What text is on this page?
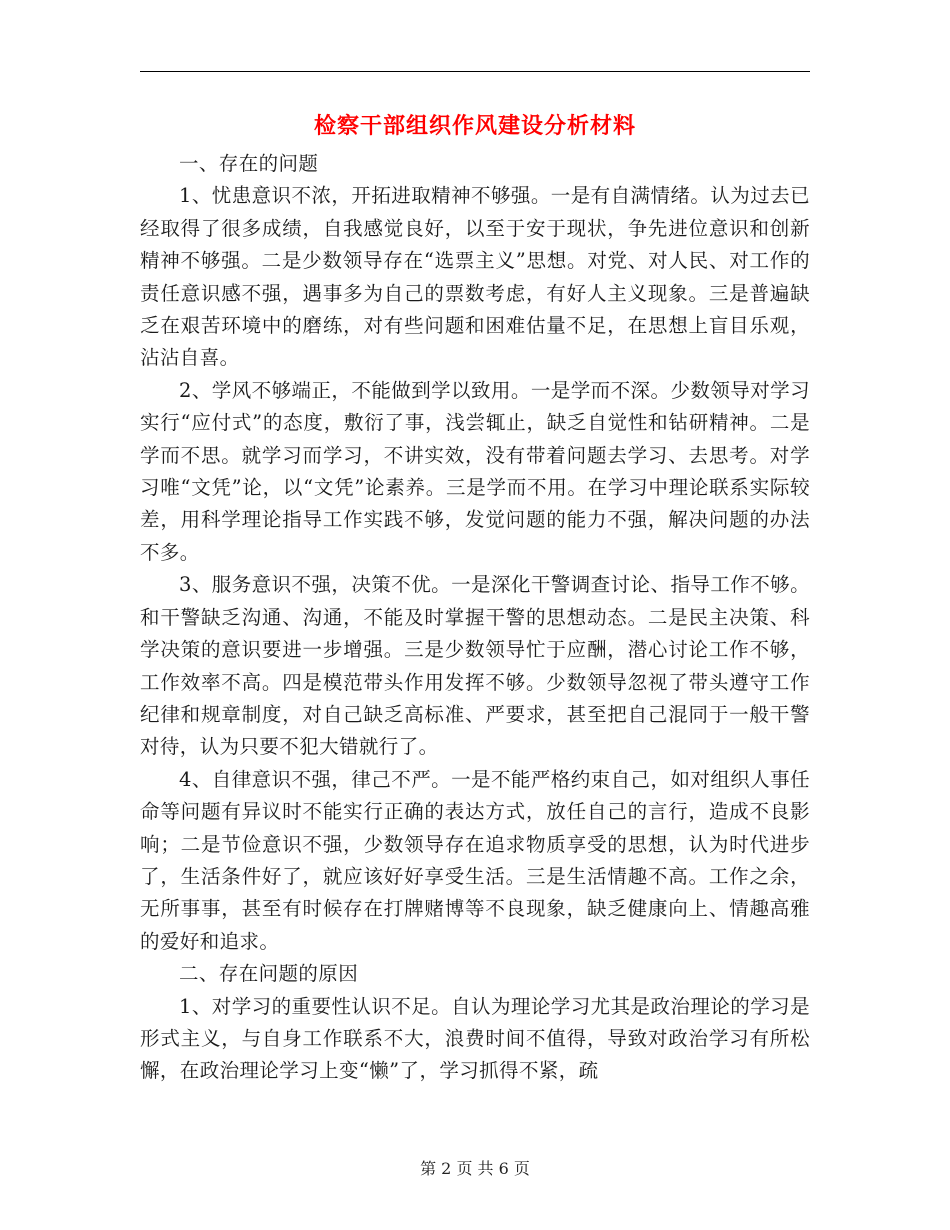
检察干部组织作风建设分析材料

一、存在的问题

1、忧患意识不浓，开拓进取精神不够强。一是有自满情绪。认为过去已经取得了很多成绩，自我感觉良好，以至于安于现状，争先进位意识和创新精神不够强。二是少数领导存在“选票主义”思想。对党、对人民、对工作的责任意识感不强，遇事多为自己的票数考虑，有好人主义现象。三是普遍缺乏在艰苦环境中的磨练，对有些问题和困难估量不足，在思想上盲目乐观，沾沾自喜。

2、学风不够端正，不能做到学以致用。一是学而不深。少数领导对学习实行“应付式”的态度，敷衍了事，浅尝辄止，缺乏自觉性和钻研精神。二是学而不思。就学习而学习，不讲实效，没有带着问题去学习、去思考。对学习唯“文凭”论，以“文凭”论素养。三是学而不用。在学习中理论联系实际较差，用科学理论指导工作实践不够，发觉问题的能力不强，解决问题的办法不多。

3、服务意识不强，决策不优。一是深化干警调查讨论、指导工作不够。和干警缺乏沟通、沟通，不能及时掌握干警的思想动态。二是民主决策、科学决策的意识要进一步增强。三是少数领导忙于应酬，潜心讨论工作不够，工作效率不高。四是模范带头作用发挥不够。少数领导忽视了带头遵守工作纪律和规章制度，对自己缺乏高标准、严要求，甚至把自己混同于一般干警对待，认为只要不犯大错就行了。

4、自律意识不强，律己不严。一是不能严格约束自己，如对组织人事任命等问题有异议时不能实行正确的表达方式，放任自己的言行，造成不良影响；二是节俭意识不强，少数领导存在追求物质享受的思想，认为时代进步了，生活条件好了，就应该好好享受生活。三是生活情趣不高。工作之余，无所事事，甚至有时候存在打牌赌博等不良现象，缺乏健康向上、情趣高雅的爱好和追求。

二、存在问题的原因

1、对学习的重要性认识不足。自认为理论学习尤其是政治理论的学习是形式主义，与自身工作联系不大，浪费时间不值得，导致对政治学习有所松懈，在政治理论学习上变“懒”了，学习抓得不紧，疏

第 2 页 共 6 页
